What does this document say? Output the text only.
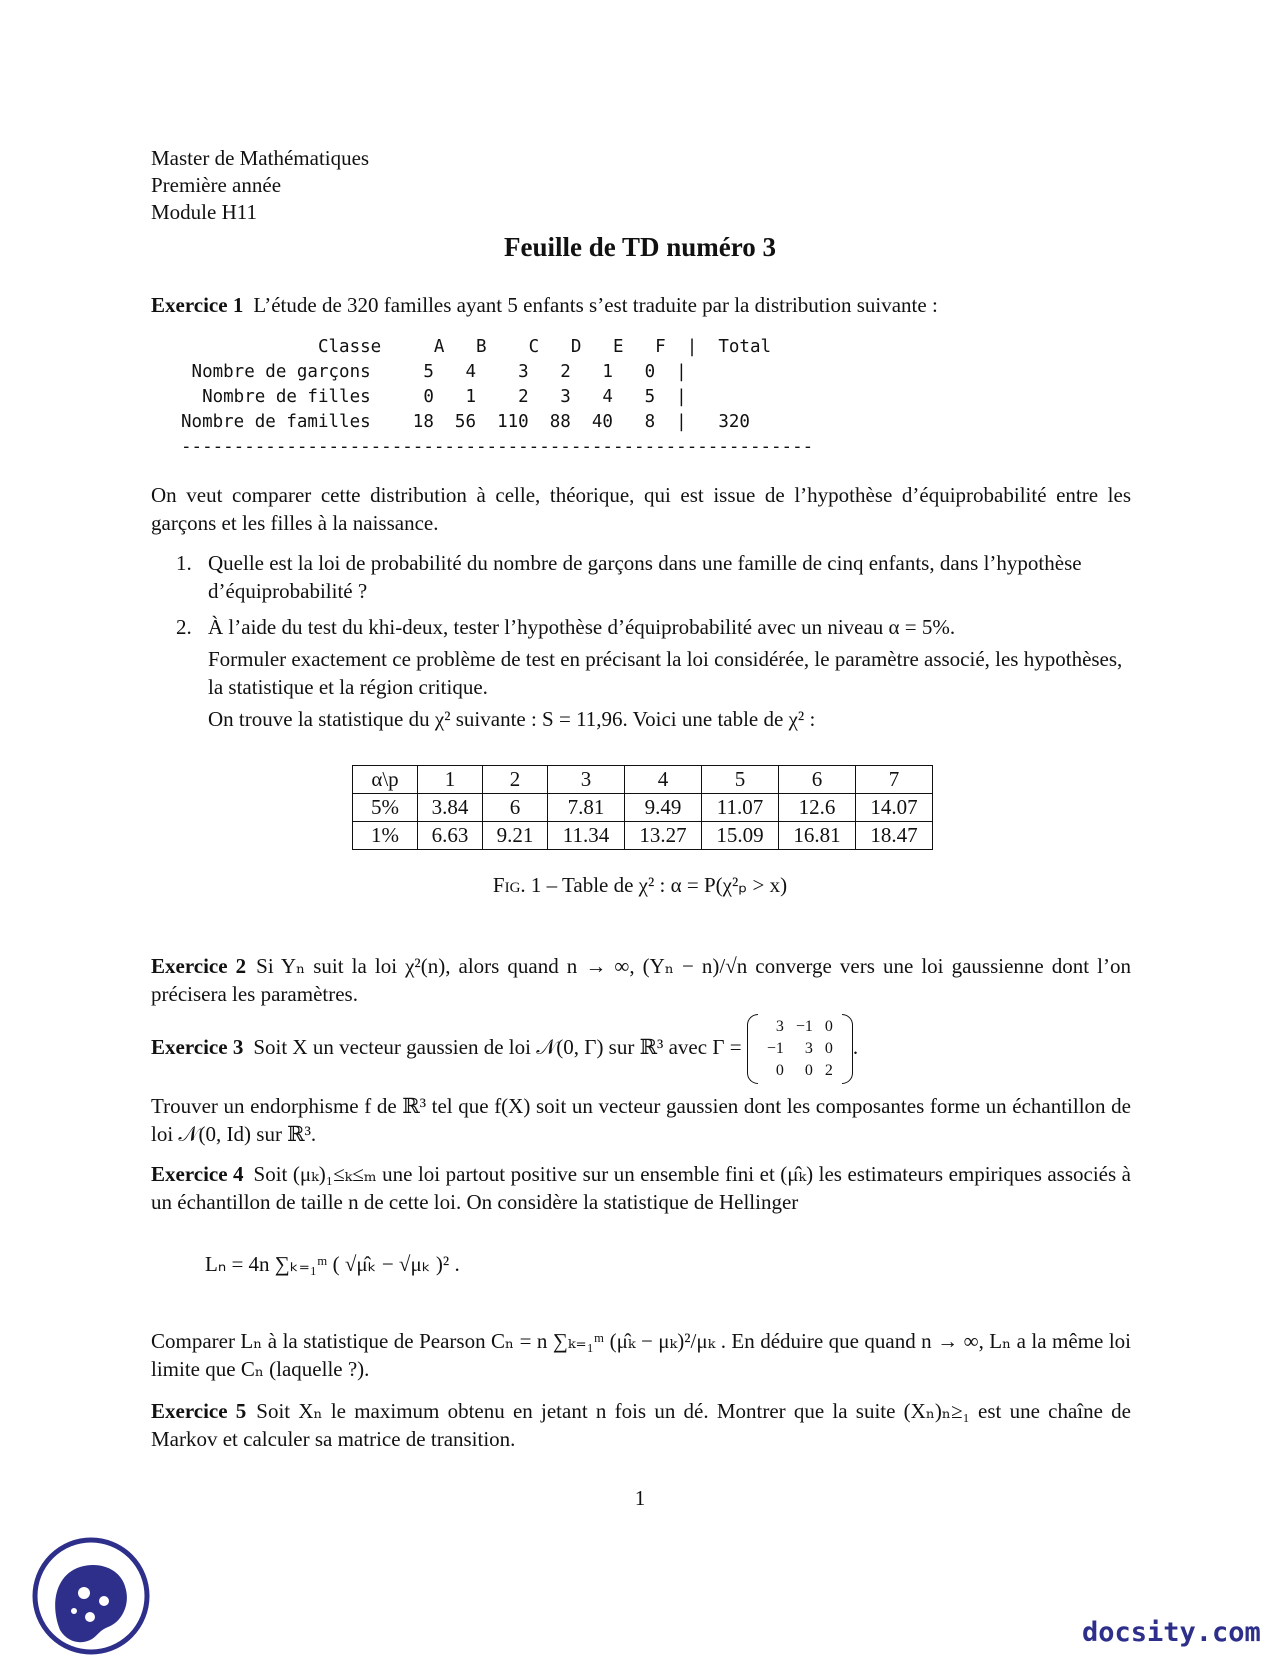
Master de Mathématiques
Première année
Module H11
Feuille de TD numéro 3
Exercice 1 L’étude de 320 familles ayant 5 enfants s’est traduite par la distribution suivante :
Classe     A   B    C   D   E   F  |  Total
Nombre de garçons     5   4    3   2   1   0  |
Nombre de filles     0   1    2   3   4   5  |
Nombre de familles    18  56  110  88  40   8  |   320
------------------------------------------------------------
On veut comparer cette distribution à celle, théorique, qui est issue de l’hypothèse d’équiprobabilité entre les garçons et les filles à la naissance.
1. Quelle est la loi de probabilité du nombre de garçons dans une famille de cinq enfants, dans l’hypothèse d’équiprobabilité ?
2. À l’aide du test du khi-deux, tester l’hypothèse d’équiprobabilité avec un niveau α = 5%.
Formuler exactement ce problème de test en précisant la loi considérée, le paramètre associé, les hypothèses, la statistique et la région critique.
On trouve la statistique du χ² suivante : S = 11,96. Voici une table de χ² :
α\p	1	2	3	4	5	6	7
5%	3.84	6	7.81	9.49	11.07	12.6	14.07
1%	6.63	9.21	11.34	13.27	15.09	16.81	18.47
Fig. 1 – Table de χ² : α = P(χ²ₚ > x)
Exercice 2 Si Yₙ suit la loi χ²(n), alors quand n → ∞, (Yₙ − n)/√n converge vers une loi gaussienne dont l’on précisera les paramètres.
Exercice 3 Soit X un vecteur gaussien de loi 𝒩(0, Γ) sur ℝ³ avec Γ =
3	−1	0
−1	3	0
0	0	2
.
Trouver un endorphisme f de ℝ³ tel que f(X) soit un vecteur gaussien dont les composantes forme un échantillon de loi 𝒩(0, Id) sur ℝ³.
Exercice 4 Soit (μₖ)₁≤ₖ≤ₘ une loi partout positive sur un ensemble fini et (μ̂ₖ) les estimateurs empiriques associés à un échantillon de taille n de cette loi. On considère la statistique de Hellinger
Lₙ = 4n ∑ₖ₌₁ᵐ ( √μ̂ₖ − √μₖ )² .
Comparer Lₙ à la statistique de Pearson Cₙ = n ∑ₖ₌₁ᵐ (μ̂ₖ − μₖ)²/μₖ . En déduire que quand n → ∞, Lₙ a la même loi limite que Cₙ (laquelle ?).
Exercice 5 Soit Xₙ le maximum obtenu en jetant n fois un dé. Montrer que la suite (Xₙ)ₙ≥₁ est une chaîne de Markov et calculer sa matrice de transition.
1
docsity.com
